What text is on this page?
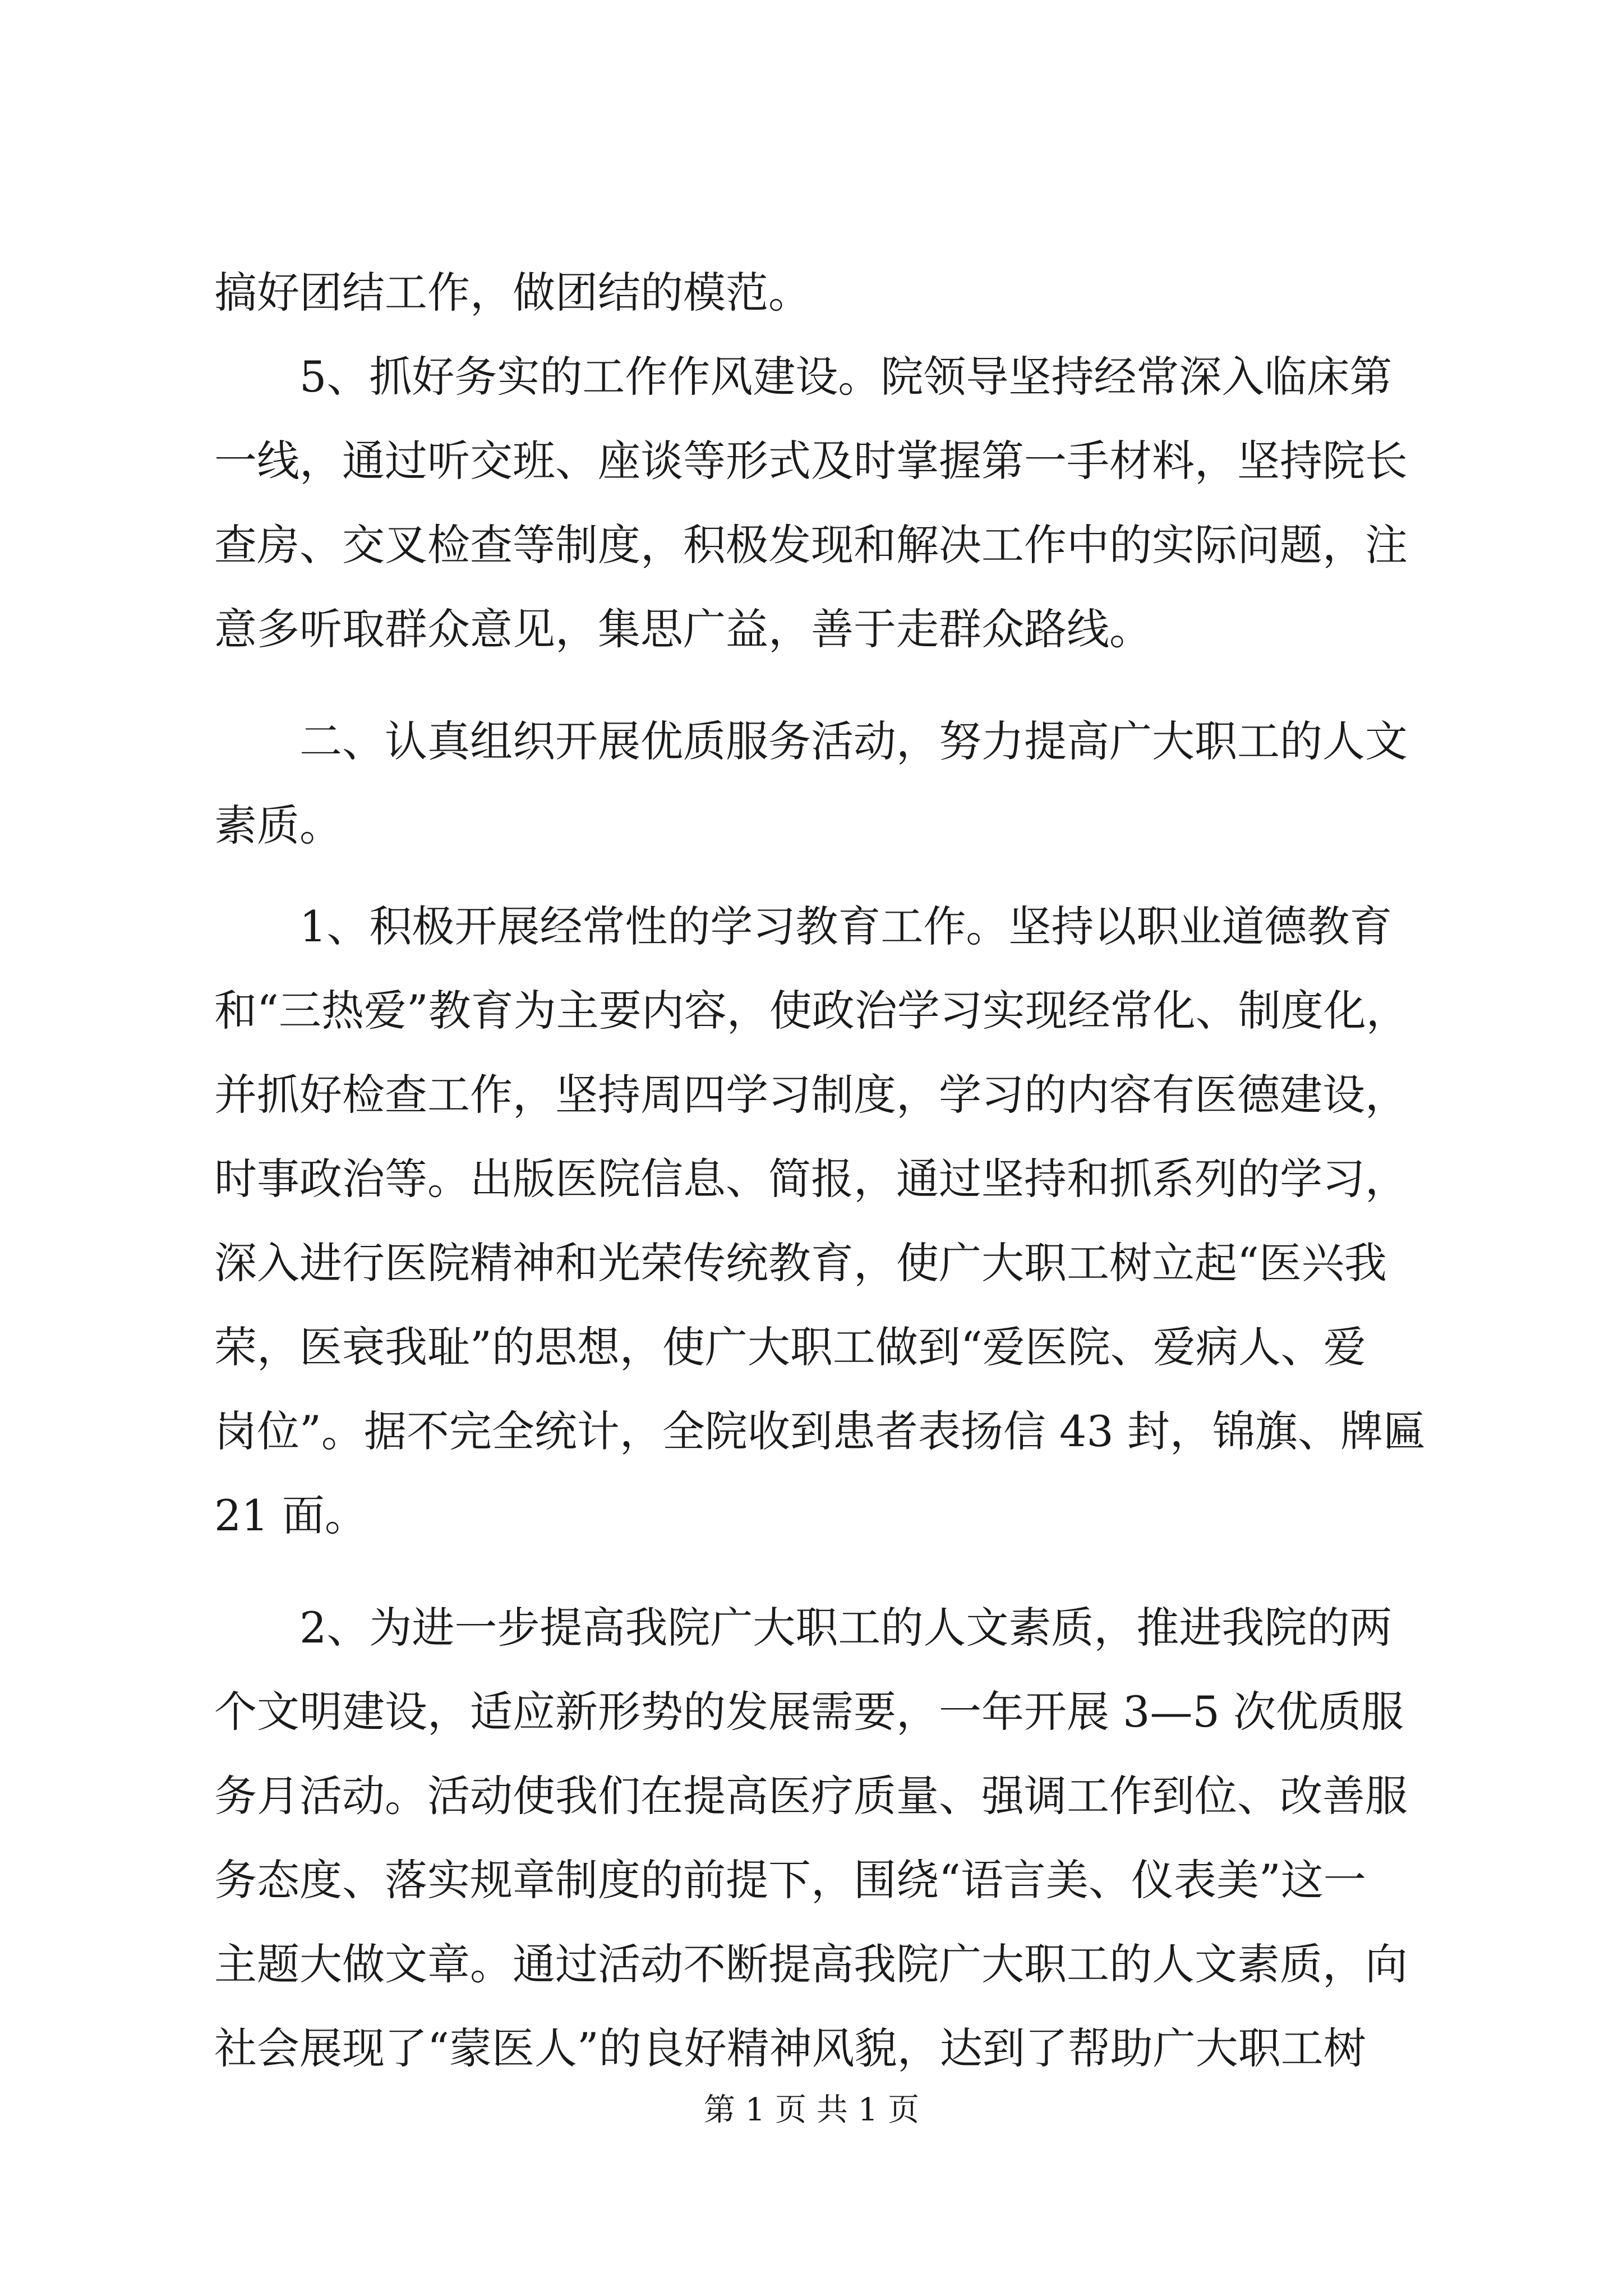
搞好团结工作，做团结的模范。
5、抓好务实的工作作风建设。院领导坚持经常深入临床第
一线，通过听交班、座谈等形式及时掌握第一手材料，坚持院长
查房、交叉检查等制度，积极发现和解决工作中的实际问题，注
意多听取群众意见，集思广益，善于走群众路线。
二、认真组织开展优质服务活动，努力提高广大职工的人文
素质。
1、积极开展经常性的学习教育工作。坚持以职业道德教育
和“三热爱”教育为主要内容，使政治学习实现经常化、制度化，
并抓好检查工作，坚持周四学习制度，学习的内容有医德建设，
时事政治等。出版医院信息、简报，通过坚持和抓系列的学习，
深入进行医院精神和光荣传统教育，使广大职工树立起“医兴我
荣，医衰我耻”的思想，使广大职工做到“爱医院、爱病人、爱
岗位”。据不完全统计，全院收到患者表扬信 43 封，锦旗、牌匾
21 面。
2、为进一步提高我院广大职工的人文素质，推进我院的两
个文明建设，适应新形势的发展需要，一年开展 3—5 次优质服
务月活动。活动使我们在提高医疗质量、强调工作到位、改善服
务态度、落实规章制度的前提下，围绕“语言美、仪表美”这一
主题大做文章。通过活动不断提高我院广大职工的人文素质，向
社会展现了“蒙医人”的良好精神风貌，达到了帮助广大职工树
第 1 页 共 1 页
